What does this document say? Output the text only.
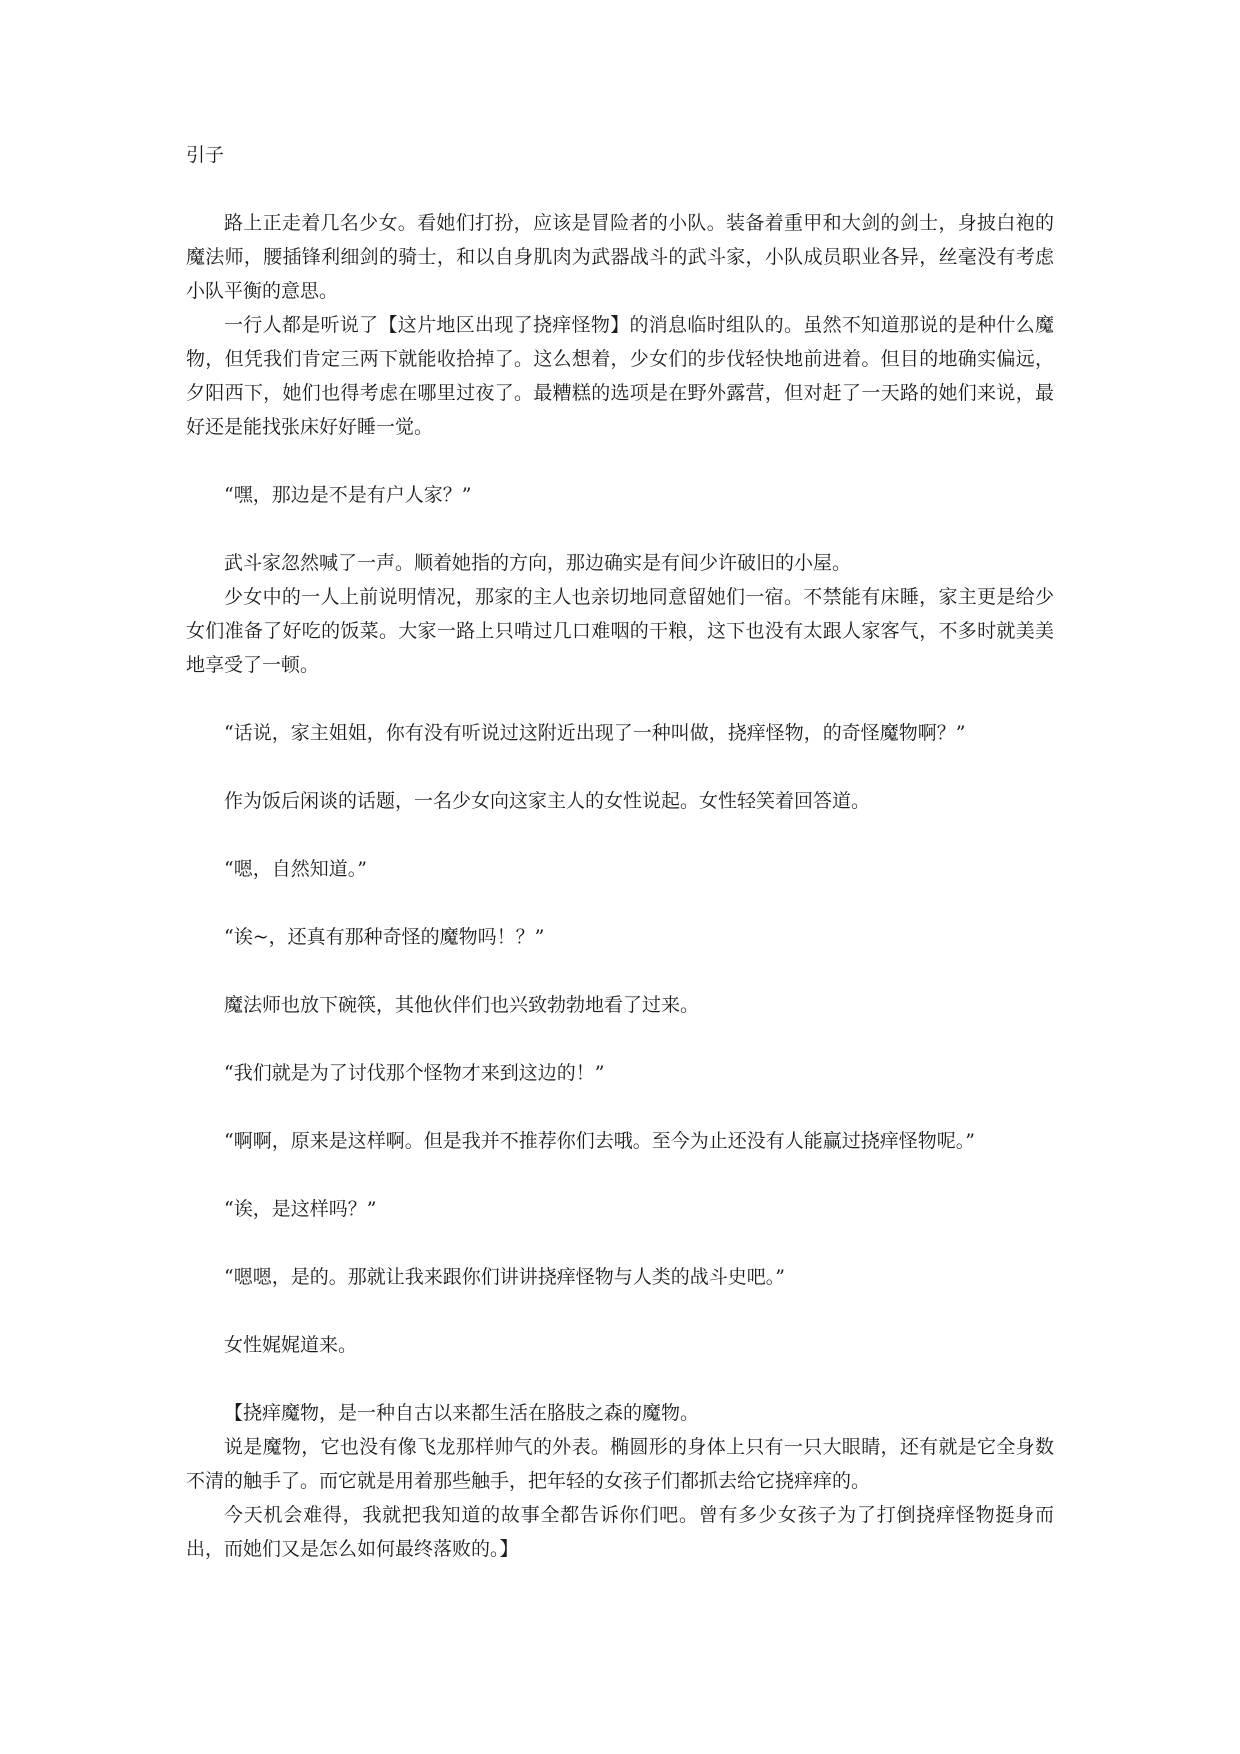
引子

路上正走着几名少女。看她们打扮，应该是冒险者的小队。装备着重甲和大剑的剑士，身披白袍的魔法师，腰插锋利细剑的骑士，和以自身肌肉为武器战斗的武斗家，小队成员职业各异，丝毫没有考虑小队平衡的意思。

一行人都是听说了【这片地区出现了挠痒怪物】的消息临时组队的。虽然不知道那说的是种什么魔物，但凭我们肯定三两下就能收拾掉了。这么想着，少女们的步伐轻快地前进着。但目的地确实偏远，夕阳西下，她们也得考虑在哪里过夜了。最糟糕的选项是在野外露营，但对赶了一天路的她们来说，最好还是能找张床好好睡一觉。

“嘿，那边是不是有户人家？”

武斗家忽然喊了一声。顺着她指的方向，那边确实是有间少许破旧的小屋。

少女中的一人上前说明情况，那家的主人也亲切地同意留她们一宿。不禁能有床睡，家主更是给少女们准备了好吃的饭菜。大家一路上只啃过几口难咽的干粮，这下也没有太跟人家客气，不多时就美美地享受了一顿。

“话说，家主姐姐，你有没有听说过这附近出现了一种叫做，挠痒怪物，的奇怪魔物啊？”

作为饭后闲谈的话题，一名少女向这家主人的女性说起。女性轻笑着回答道。

“嗯，自然知道。”

“诶~，还真有那种奇怪的魔物吗！？”

魔法师也放下碗筷，其他伙伴们也兴致勃勃地看了过来。

“我们就是为了讨伐那个怪物才来到这边的！”

“啊啊，原来是这样啊。但是我并不推荐你们去哦。至今为止还没有人能赢过挠痒怪物呢。”

“诶，是这样吗？”

“嗯嗯，是的。那就让我来跟你们讲讲挠痒怪物与人类的战斗史吧。”

女性娓娓道来。

【挠痒魔物，是一种自古以来都生活在胳肢之森的魔物。

说是魔物，它也没有像飞龙那样帅气的外表。椭圆形的身体上只有一只大眼睛，还有就是它全身数不清的触手了。而它就是用着那些触手，把年轻的女孩子们都抓去给它挠痒痒的。

今天机会难得，我就把我知道的故事全都告诉你们吧。曾有多少女孩子为了打倒挠痒怪物挺身而出，而她们又是怎么如何最终落败的。】
